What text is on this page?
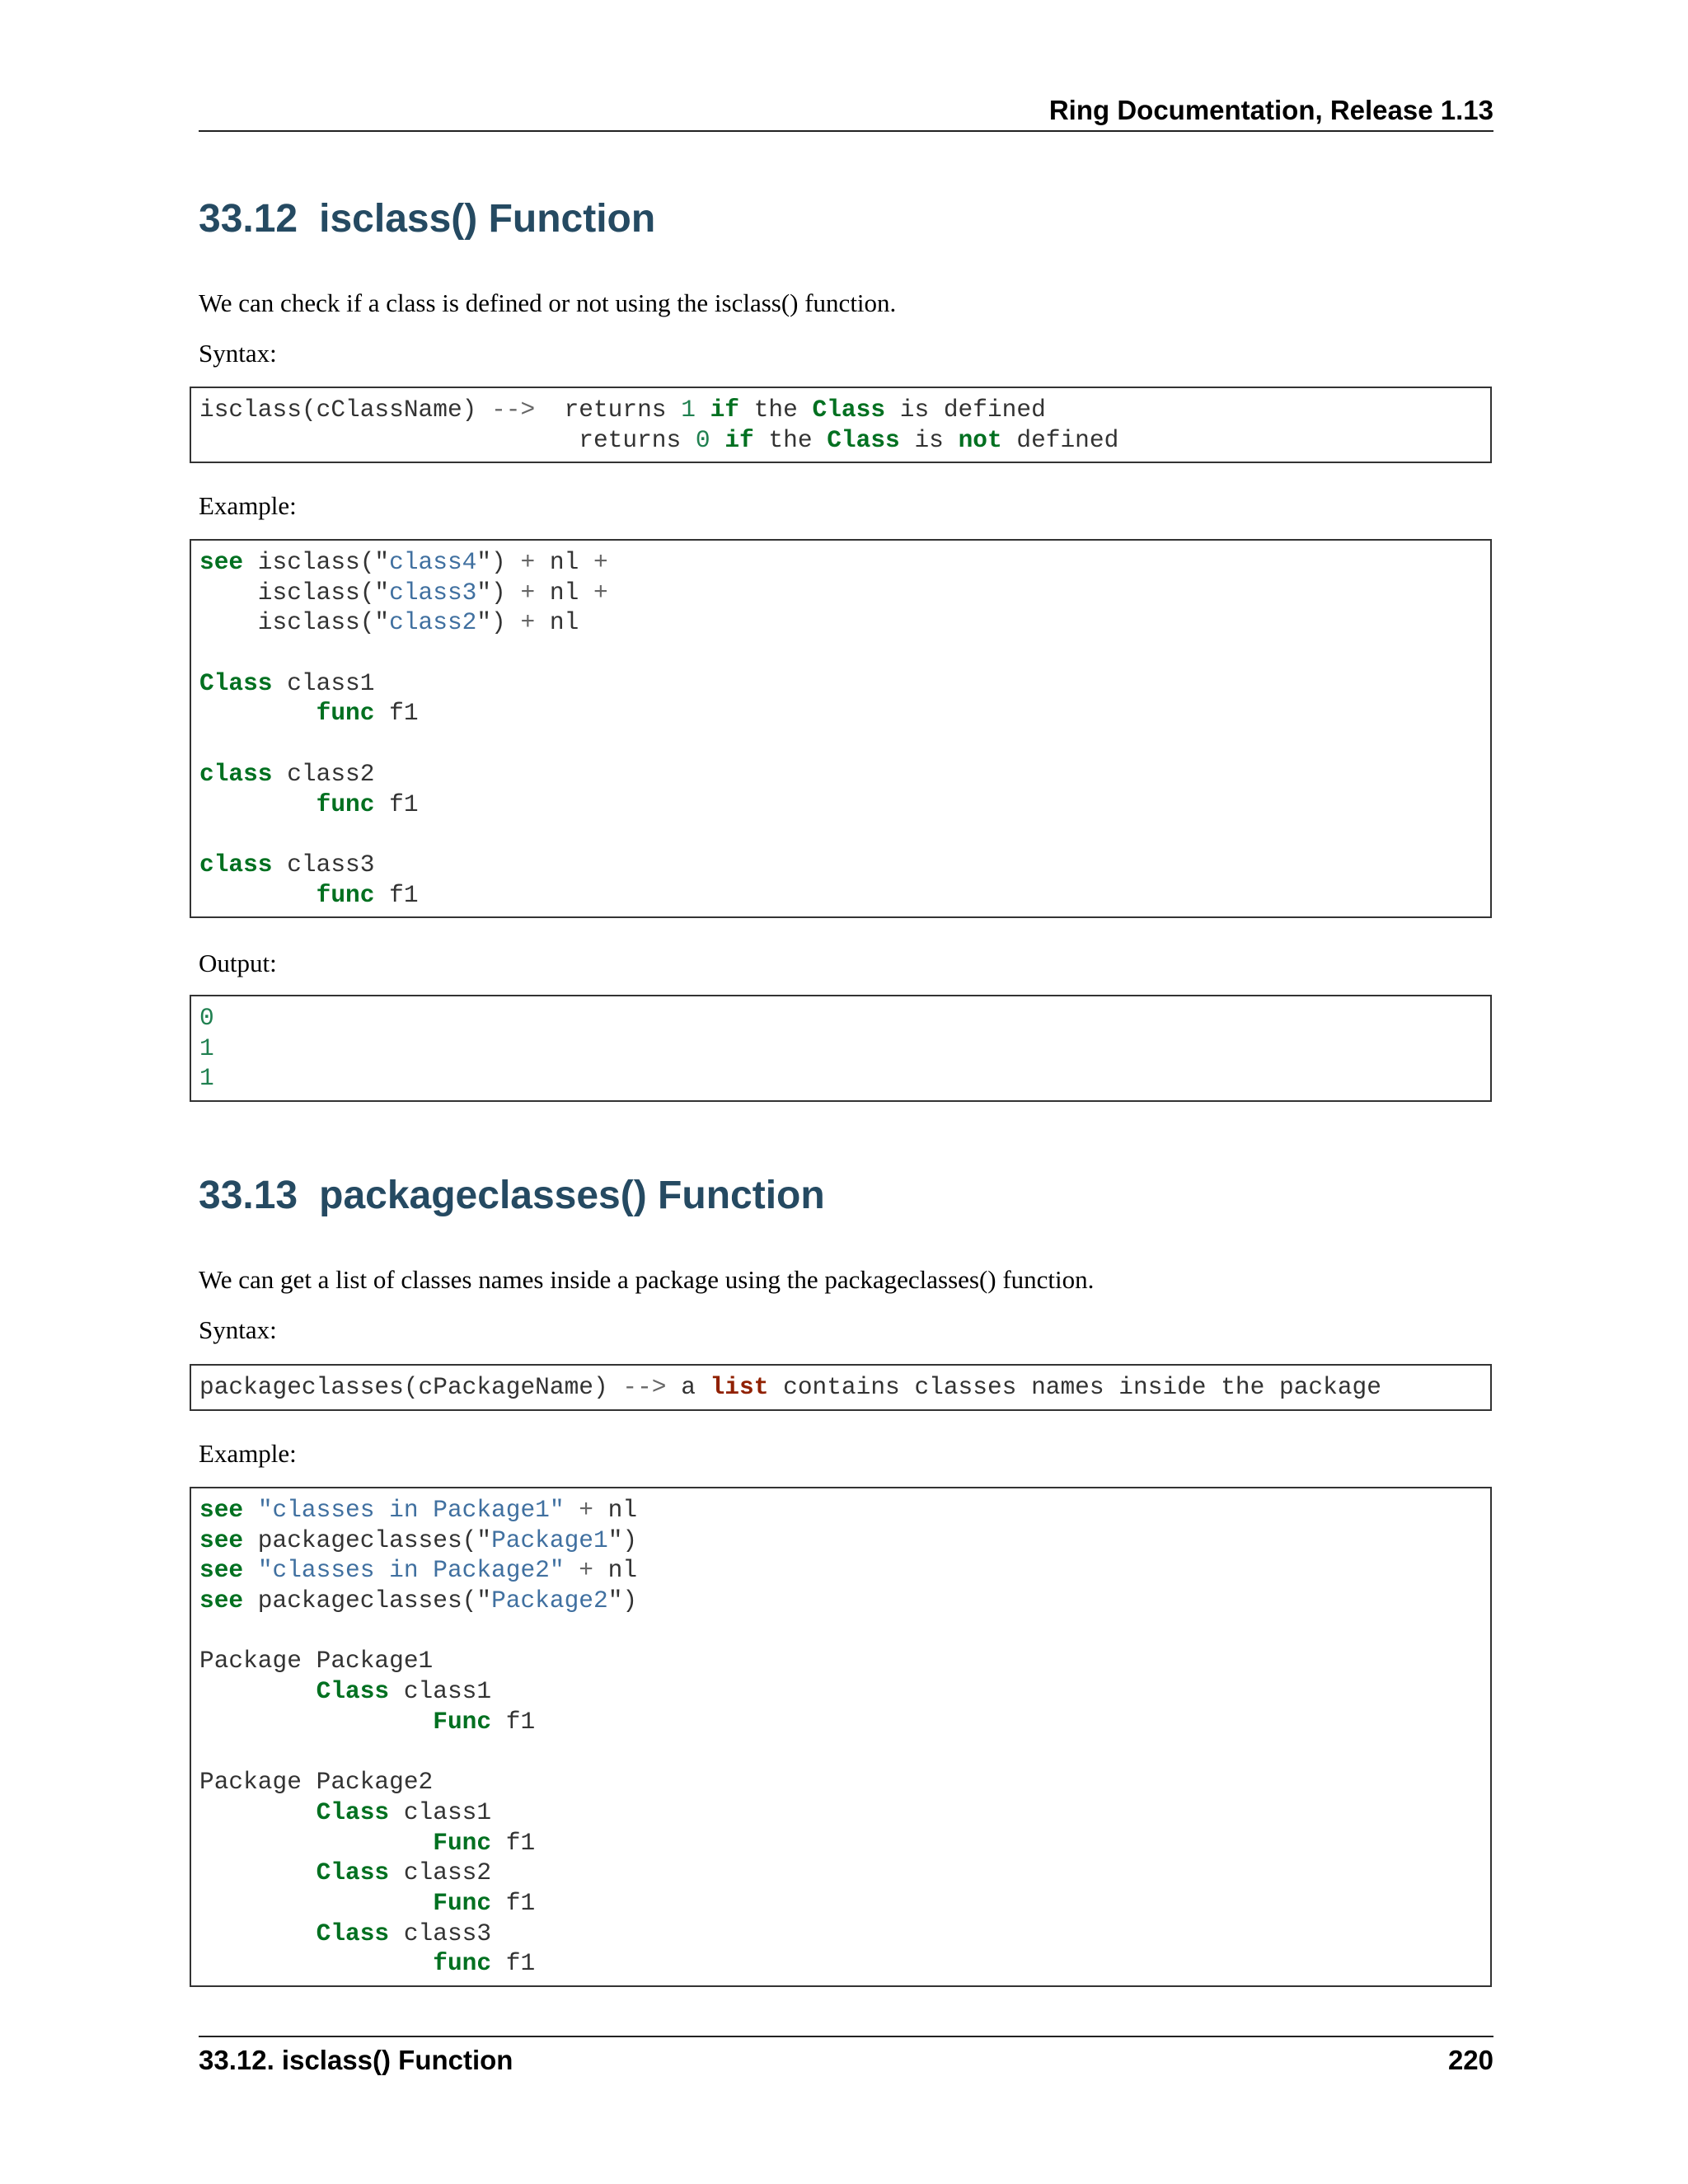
Ring Documentation, Release 1.13
33.12 isclass() Function

We can check if a class is defined or not using the isclass() function.

Syntax:

isclass(cClassName) -->  returns 1 if the Class is defined
returns 0 if the Class is not defined

Example:

see isclass("class4") + nl +
isclass("class3") + nl +
isclass("class2") + nl
Class class1
func f1
class class2
func f1
class class3
func f1

Output:

0
1
1
33.13 packageclasses() Function

We can get a list of classes names inside a package using the packageclasses() function.

Syntax:

packageclasses(cPackageName) --> a list contains classes names inside the package

Example:

see "classes in Package1" + nl
see packageclasses("Package1")
see "classes in Package2" + nl
see packageclasses("Package2")
Package Package1
Class class1
Func f1
Package Package2
Class class1
Func f1
Class class2
Func f1
Class class3
func f1
33.12. isclass() Function	220
